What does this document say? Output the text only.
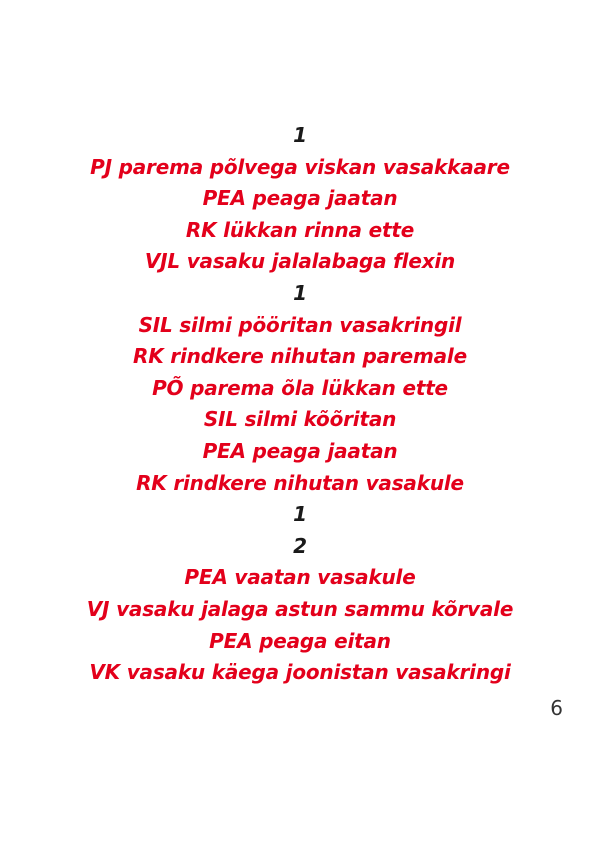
1
PJ parema põlvega viskan vasakkaare
PEA peaga jaatan
RK lükkan rinna ette
VJL vasaku jalalabaga flexin
1
SIL silmi pööritan vasakringil
RK rindkere nihutan paremale
PÕ parema õla lükkan ette
SIL silmi kõõritan
PEA peaga jaatan
RK rindkere nihutan vasakule
1
2
PEA vaatan vasakule
VJ vasaku jalaga astun sammu kõrvale
PEA peaga eitan
VK vasaku käega joonistan vasakringi
6
